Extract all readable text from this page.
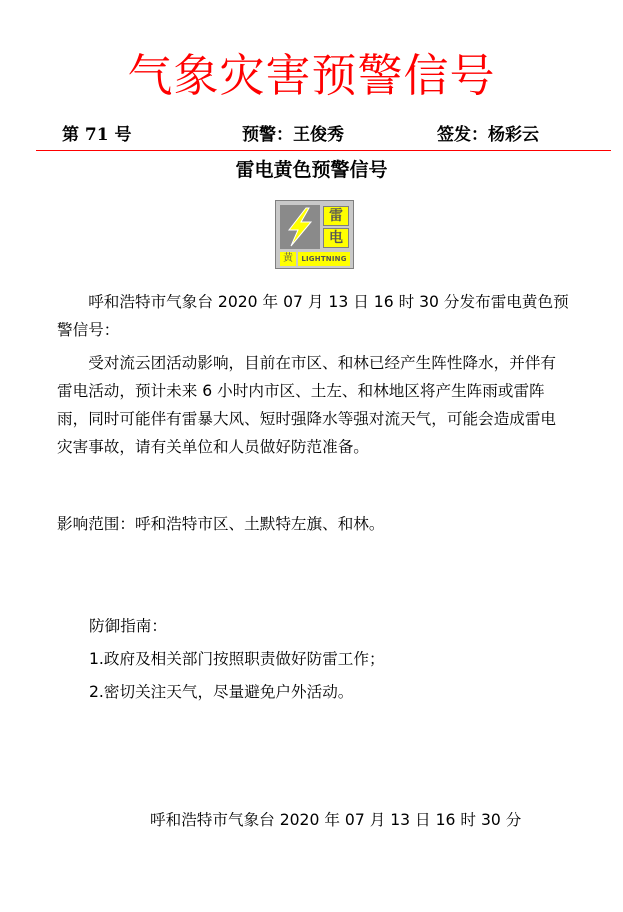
气象灾害预警信号
第 71 号	预警：王俊秀	签发：杨彩云
雷电黄色预警信号
雷
电
黄	LIGHTNING
呼和浩特市气象台 2020 年 07 月 13 日 16 时 30 分发布雷电黄色预警信号：
受对流云团活动影响，目前在市区、和林已经产生阵性降水，并伴有雷电活动，预计未来 6 小时内市区、土左、和林地区将产生阵雨或雷阵雨，同时可能伴有雷暴大风、短时强降水等强对流天气，可能会造成雷电灾害事故，请有关单位和人员做好防范准备。
影响范围：呼和浩特市区、土默特左旗、和林。
防御指南：
1.政府及相关部门按照职责做好防雷工作；
2.密切关注天气，尽量避免户外活动。
呼和浩特市气象台 2020 年 07 月 13 日 16 时 30 分
